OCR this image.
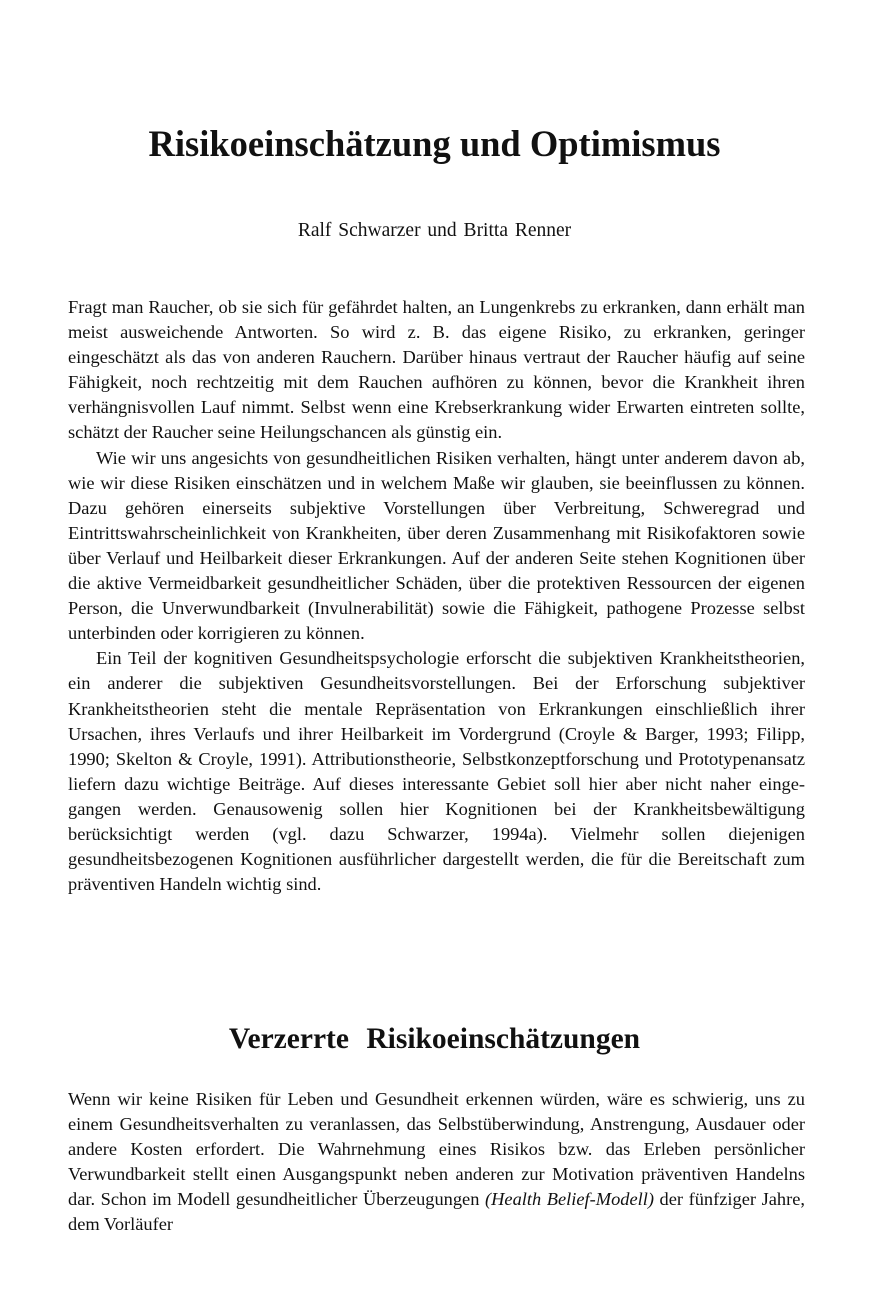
Risikoeinschätzung und Optimismus
Ralf Schwarzer und Britta Renner

Fragt man Raucher, ob sie sich für gefährdet halten, an Lungenkrebs zu erkranken, dann erhält man meist ausweichende Antworten. So wird z. B. das eigene Risiko, zu erkranken, geringer eingeschätzt als das von anderen Rauchern. Darüber hinaus vertraut der Raucher häufig auf seine Fähigkeit, noch rechtzeitig mit dem Rauchen aufhören zu können, bevor die Krankheit ihren verhängnisvollen Lauf nimmt. Selbst wenn eine Krebserkrankung wider Erwarten eintreten sollte, schätzt der Raucher seine Heilungschancen als günstig ein.

Wie wir uns angesichts von gesundheitlichen Risiken verhalten, hängt unter anderem davon ab, wie wir diese Risiken einschätzen und in welchem Maße wir glauben, sie beeinflussen zu können. Dazu gehören einerseits subjektive Vorstellungen über Verbreitung, Schweregrad und Eintrittswahrscheinlichkeit von Krankheiten, über deren Zusammenhang mit Risikofaktoren sowie über Verlauf und Heilbarkeit dieser Erkrankungen. Auf der anderen Seite stehen Kognitionen über die aktive Vermeidbarkeit gesundheitlicher Schäden, über die protektiven Ressourcen der eigenen Person, die Unverwundbarkeit (Invulnerabilität) sowie die Fähigkeit, pathogene Prozesse selbst unterbinden oder korrigieren zu können.

Ein Teil der kognitiven Gesundheitspsychologie erforscht die subjektiven Krankheitstheorien, ein anderer die subjektiven Gesundheitsvorstellungen. Bei der Erforschung subjektiver Krankheitstheorien steht die mentale Repräsentation von Erkrankungen einschließlich ihrer Ursachen, ihres Verlaufs und ihrer Heilbarkeit im Vordergrund (Croyle & Barger, 1993; Filipp, 1990; Skelton & Croyle, 1991). Attributionstheorie, Selbstkonzeptforschung und Prototypenansatz liefern dazu wichtige Beiträge. Auf dieses interessante Gebiet soll hier aber nicht naher eingegangen werden. Genausowenig sollen hier Kognitionen bei der Krankheitsbewältigung berücksichtigt werden (vgl. dazu Schwarzer, 1994a). Vielmehr sollen diejenigen gesundheitsbezogenen Kognitionen ausführlicher dargestellt werden, die für die Bereitschaft zum präventiven Handeln wichtig sind.

Verzerrte Risikoeinschätzungen

Wenn wir keine Risiken für Leben und Gesundheit erkennen würden, wäre es schwierig, uns zu einem Gesundheitsverhalten zu veranlassen, das Selbstüberwindung, Anstrengung, Ausdauer oder andere Kosten erfordert. Die Wahrnehmung eines Risikos bzw. das Erleben persönlicher Verwundbarkeit stellt einen Ausgangspunkt neben anderen zur Motivation präventiven Handelns dar. Schon im Modell gesundheitlicher Überzeugungen (Health Belief-Modell) der fünfziger Jahre, dem Vorläufer
